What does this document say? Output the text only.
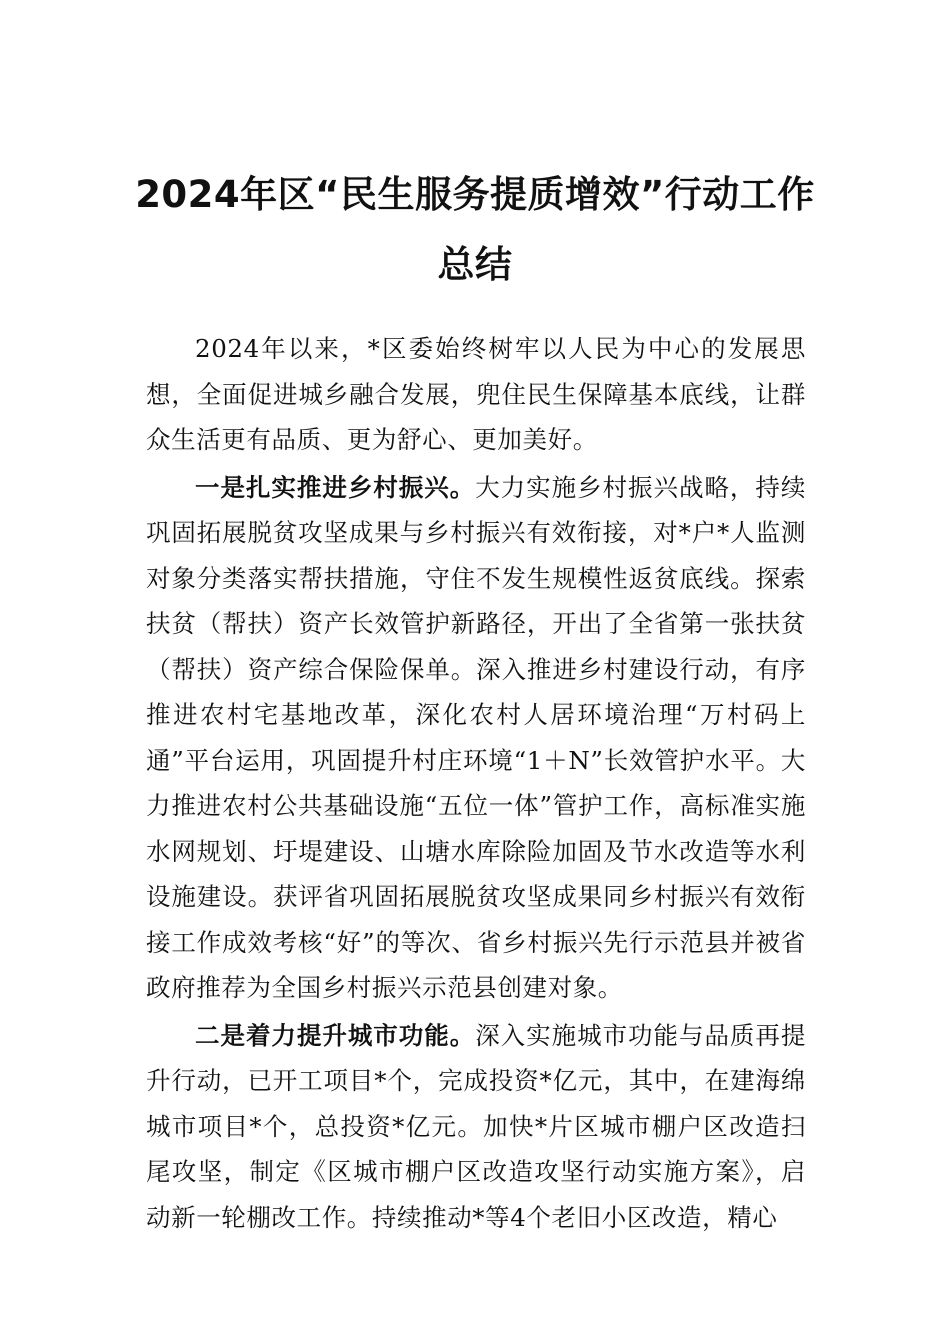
2024年区“民生服务提质增效”行动工作
总结

2024年以来，*区委始终树牢以人民为中心的发展思想，全面促进城乡融合发展，兜住民生保障基本底线，让群众生活更有品质、更为舒心、更加美好。

一是扎实推进乡村振兴。大力实施乡村振兴战略，持续巩固拓展脱贫攻坚成果与乡村振兴有效衔接，对*户*人监测对象分类落实帮扶措施，守住不发生规模性返贫底线。探索扶贫（帮扶）资产长效管护新路径，开出了全省第一张扶贫（帮扶）资产综合保险保单。深入推进乡村建设行动，有序推进农村宅基地改革，深化农村人居环境治理“万村码上通”平台运用，巩固提升村庄环境“1＋N”长效管护水平。大力推进农村公共基础设施“五位一体”管护工作，高标准实施水网规划、圩堤建设、山塘水库除险加固及节水改造等水利设施建设。获评省巩固拓展脱贫攻坚成果同乡村振兴有效衔接工作成效考核“好”的等次、省乡村振兴先行示范县并被省政府推荐为全国乡村振兴示范县创建对象。

二是着力提升城市功能。深入实施城市功能与品质再提升行动，已开工项目*个，完成投资*亿元，其中，在建海绵城市项目*个，总投资*亿元。加快*片区城市棚户区改造扫尾攻坚，制定《区城市棚户区改造攻坚行动实施方案》，启动新一轮棚改工作。持续推动*等4个老旧小区改造，精心
